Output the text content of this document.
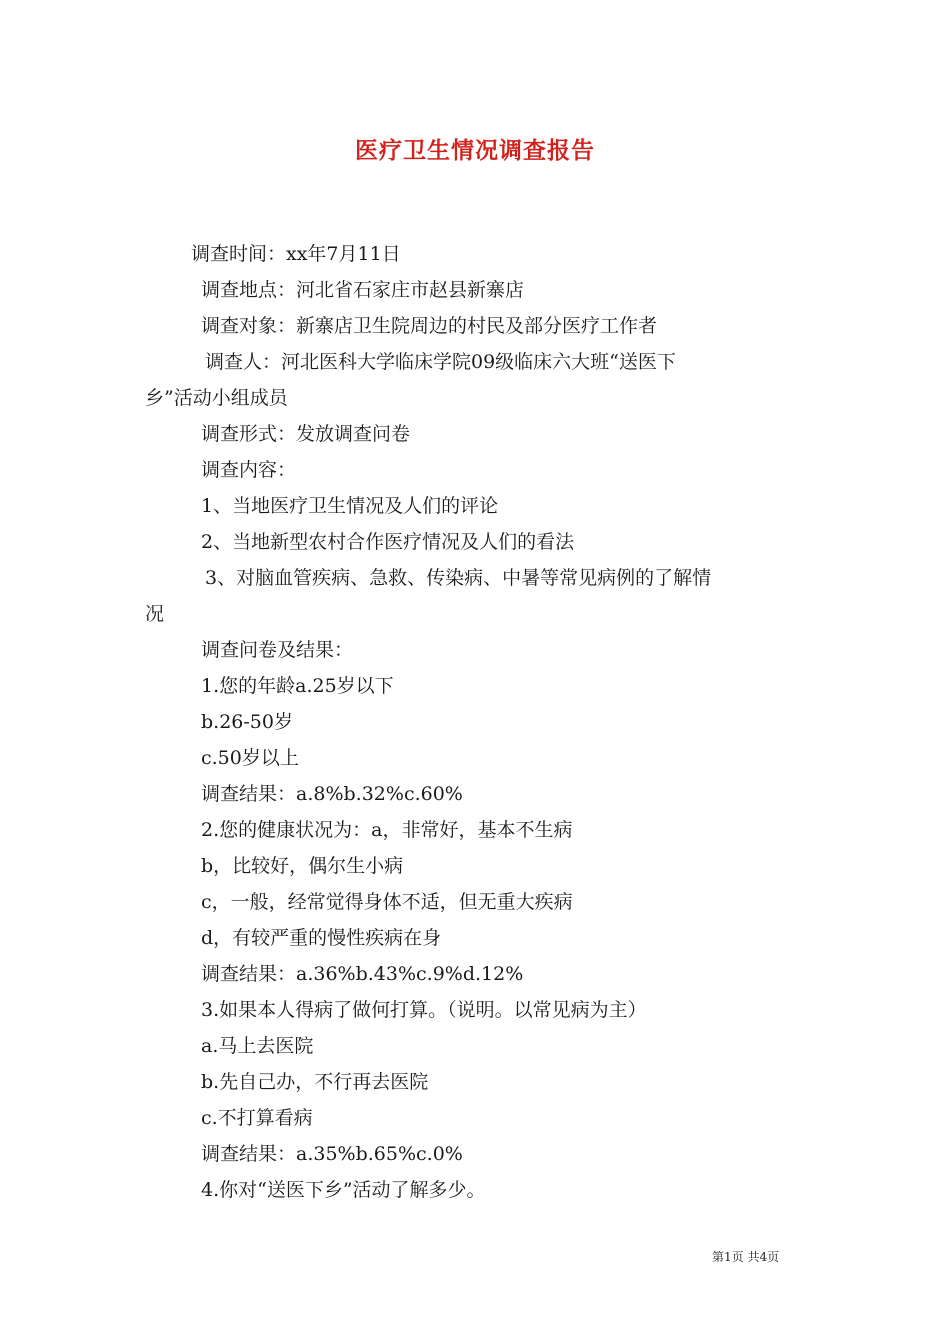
医疗卫生情况调查报告
调查时间：xx年7月11日
调查地点：河北省石家庄市赵县新寨店
调查对象：新寨店卫生院周边的村民及部分医疗工作者
调查人：河北医科大学临床学院09级临床六大班“送医下
乡”活动小组成员
调查形式：发放调查问卷
调查内容：
1、当地医疗卫生情况及人们的评论
2、当地新型农村合作医疗情况及人们的看法
3、对脑血管疾病、急救、传染病、中暑等常见病例的了解情
况
调查问卷及结果：
1.您的年龄a.25岁以下
b.26-50岁
c.50岁以上
调查结果：a.8%b.32%c.60%
2.您的健康状况为：a，非常好，基本不生病
b，比较好，偶尔生小病
c，一般，经常觉得身体不适，但无重大疾病
d，有较严重的慢性疾病在身
调查结果：a.36%b.43%c.9%d.12%
3.如果本人得病了做何打算。（说明。以常见病为主）
a.马上去医院
b.先自己办，不行再去医院
c.不打算看病
调查结果：a.35%b.65%c.0%
4.你对“送医下乡”活动了解多少。
第1页 共4页
